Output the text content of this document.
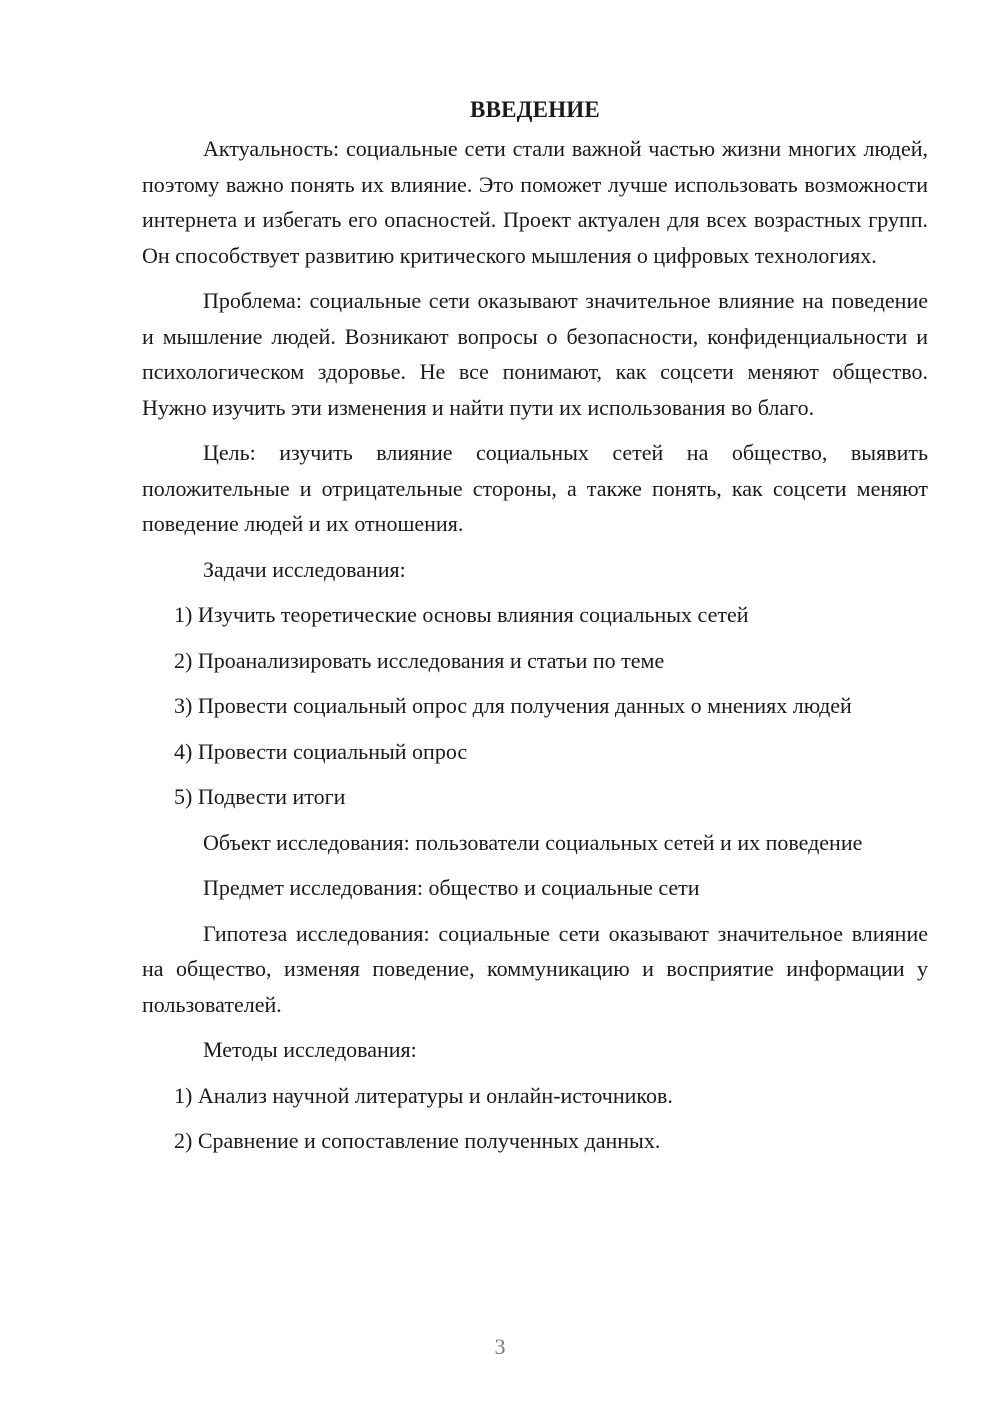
ВВЕДЕНИЕ

Актуальность: социальные сети стали важной частью жизни многих людей, поэтому важно понять их влияние. Это поможет лучше использовать возможности интернета и избегать его опасностей. Проект актуален для всех возрастных групп. Он способствует развитию критического мышления о цифровых технологиях.

Проблема: социальные сети оказывают значительное влияние на поведение и мышление людей. Возникают вопросы о безопасности, конфиденциальности и психологическом здоровье. Не все понимают, как соцсети меняют общество. Нужно изучить эти изменения и найти пути их использования во благо.

Цель: изучить влияние социальных сетей на общество, выявить положительные и отрицательные стороны, а также понять, как соцсети меняют поведение людей и их отношения.

Задачи исследования:

1) Изучить теоретические основы влияния социальных сетей

2) Проанализировать исследования и статьи по теме

3) Провести социальный опрос для получения данных о мнениях людей

4) Провести социальный опрос

5) Подвести итоги

Объект исследования: пользователи социальных сетей и их поведение

Предмет исследования: общество и социальные сети

Гипотеза исследования: социальные сети оказывают значительное влияние на общество, изменяя поведение, коммуникацию и восприятие информации у пользователей.

Методы исследования:

1) Анализ научной литературы и онлайн-источников.

2) Сравнение и сопоставление полученных данных.

3
